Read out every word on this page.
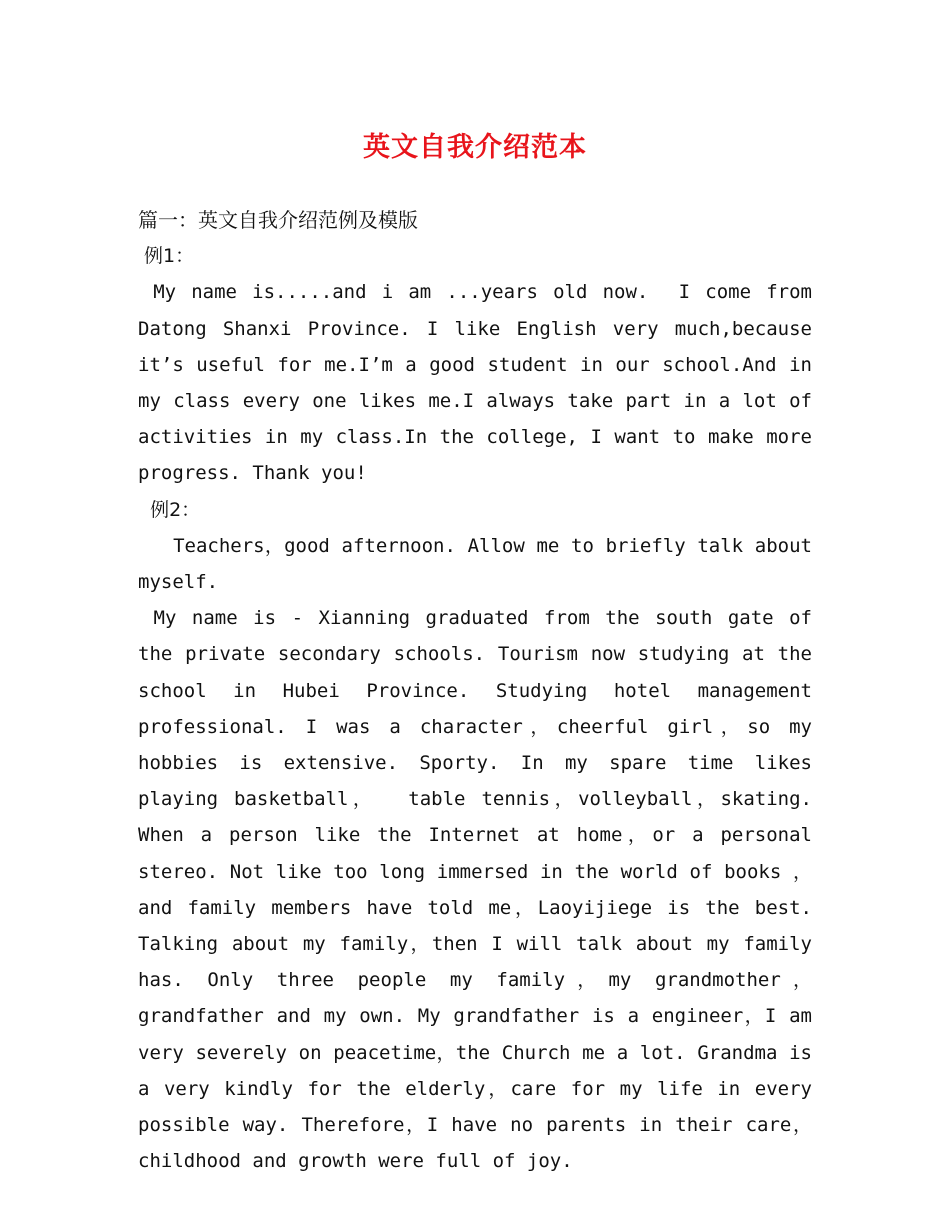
英文自我介绍范本

篇一：英文自我介绍范例及模版

例1：

My name is.....and i am ...years old now.  I come from Datong Shanxi Province. I like English very much,because it’s useful for me.I’m a good student in our school.And in my class every one likes me.I always take part in a lot of activities in my class.In the college, I want to make more progress. Thank you!

例2：

Teachers，good afternoon. Allow me to briefly talk about myself.

My name is - Xianning graduated from the south gate of the private secondary schools. Tourism now studying at the school in Hubei Province. Studying hotel management professional. I was a character，cheerful girl，so my hobbies is extensive. Sporty. In my spare time likes playing basketball，  table tennis，volleyball，skating. When a person like the Internet at home，or a personal stereo. Not like too long immersed in the world of books ， and family members have told me，Laoyijiege is the best. Talking about my family，then I will talk about my family has. Only three people my family，my grandmother， grandfather and my own. My grandfather is a engineer，I am very severely on peacetime，the Church me a lot. Grandma is a very kindly for the elderly，care for my life in every possible way. Therefore，I have no parents in their care，childhood and growth were full of joy.
